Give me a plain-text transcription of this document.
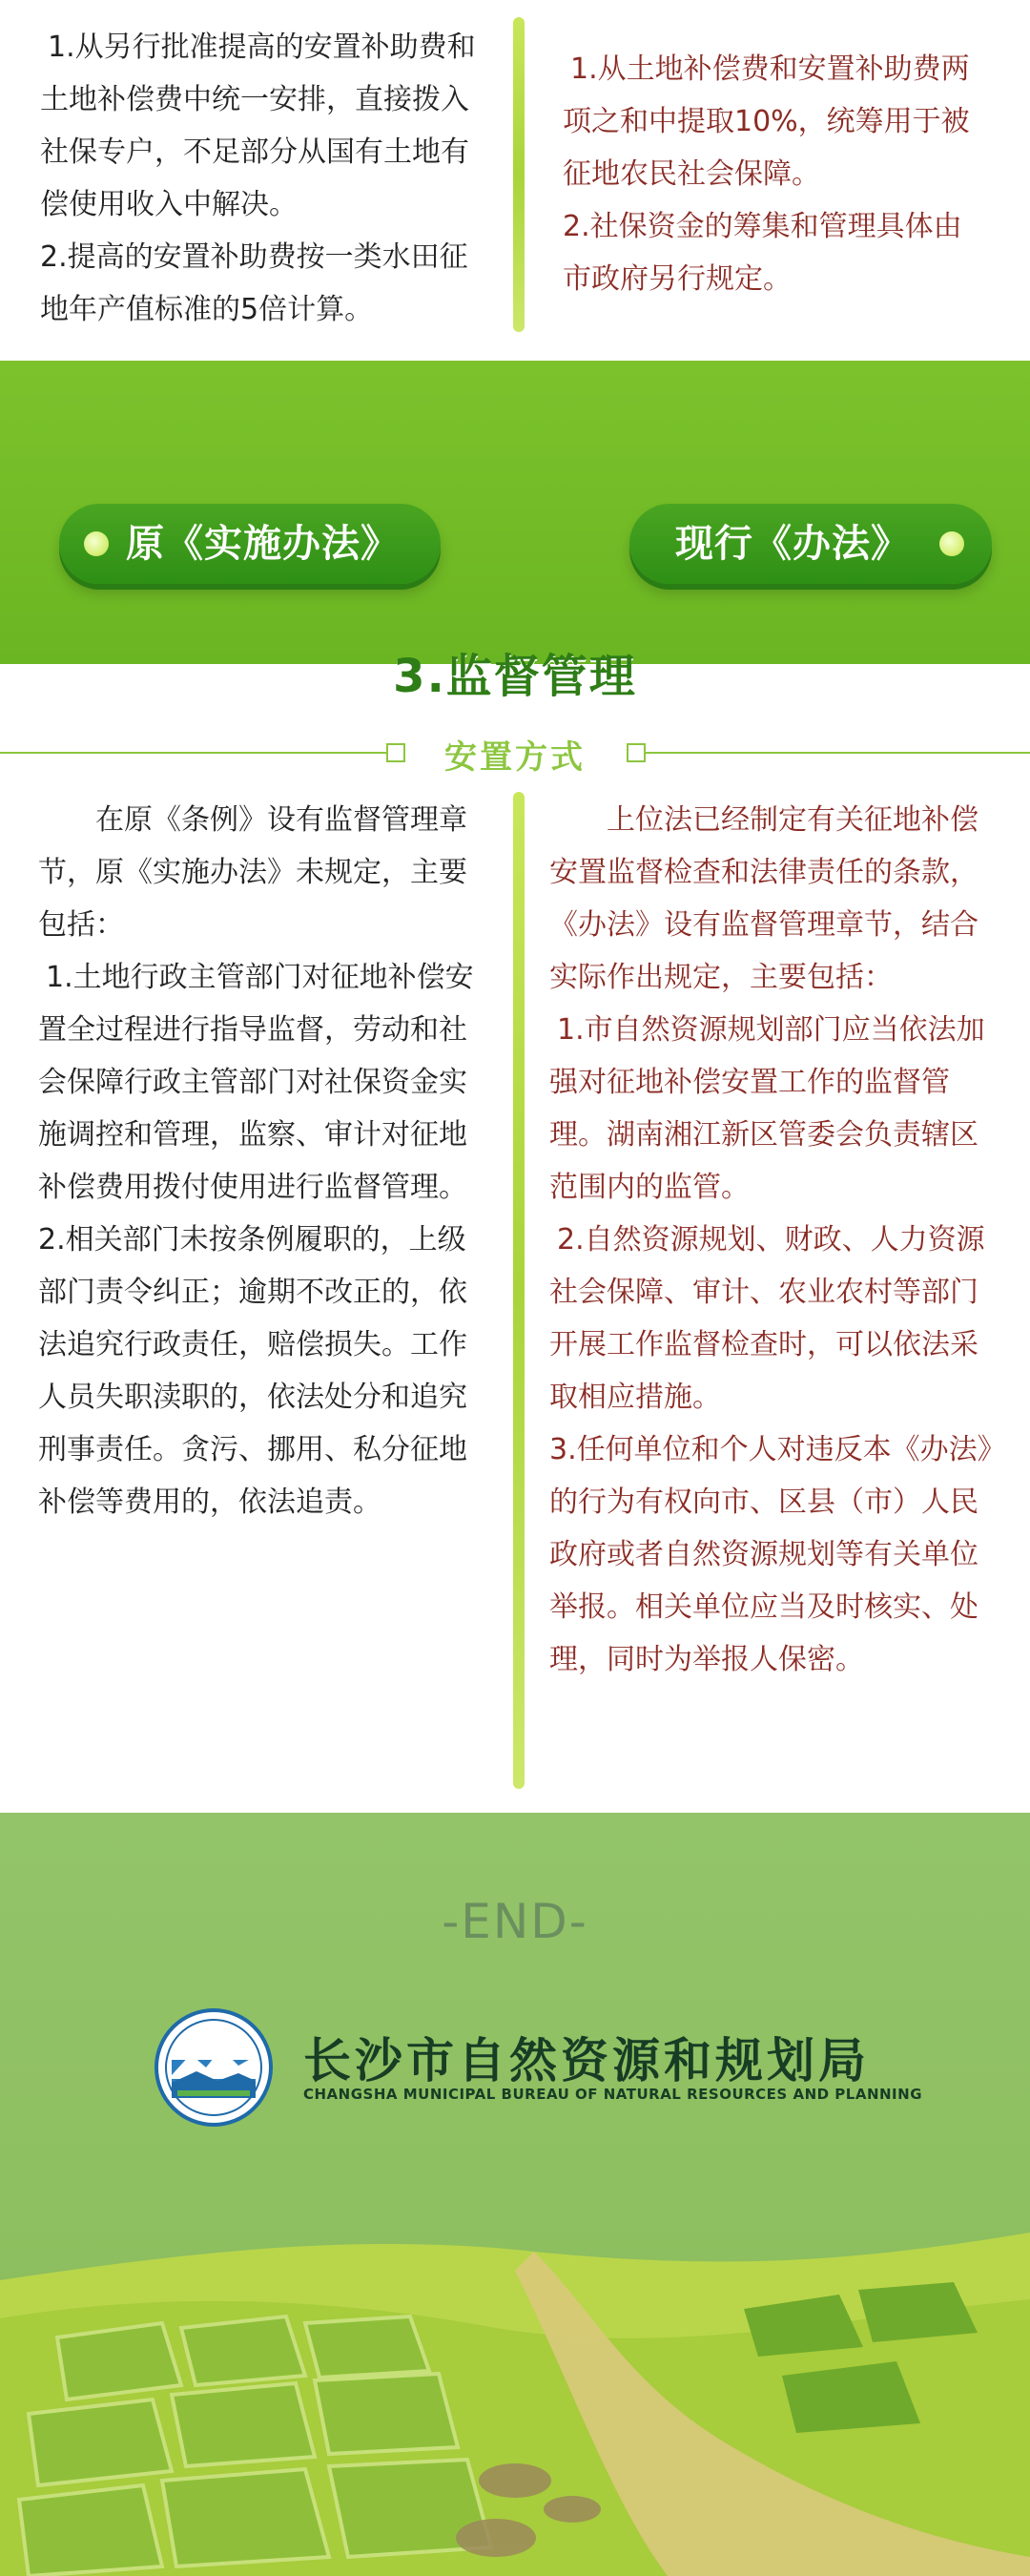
1.从另行批准提高的安置补助费和土地补偿费中统一安排，直接拨入社保专户，不足部分从国有土地有偿使用收入中解决。

2.提高的安置补助费按一类水田征地年产值标准的5倍计算。

1.从土地补偿费和安置补助费两项之和中提取10%，统筹用于被征地农民社会保障。

2.社保资金的筹集和管理具体由市政府另行规定。

原《实施办法》	现行《办法》
3.监督管理
安置方式

在原《条例》设有监督管理章节，原《实施办法》未规定，主要包括：

1.土地行政主管部门对征地补偿安置全过程进行指导监督，劳动和社会保障行政主管部门对社保资金实施调控和管理，监察、审计对征地补偿费用拨付使用进行监督管理。

2.相关部门未按条例履职的，上级部门责令纠正；逾期不改正的，依法追究行政责任，赔偿损失。工作人员失职渎职的，依法处分和追究刑事责任。贪污、挪用、私分征地补偿等费用的，依法追责。

上位法已经制定有关征地补偿安置监督检查和法律责任的条款，《办法》设有监督管理章节，结合实际作出规定，主要包括：

1.市自然资源规划部门应当依法加强对征地补偿安置工作的监督管理。湖南湘江新区管委会负责辖区范围内的监管。

2.自然资源规划、财政、人力资源社会保障、审计、农业农村等部门开展工作监督检查时，可以依法采取相应措施。

3.任何单位和个人对违反本《办法》的行为有权向市、区县（市）人民政府或者自然资源规划等有关单位举报。相关单位应当及时核实、处理，同时为举报人保密。

-END-
长沙市自然资源和规划局
CHANGSHA MUNICIPAL BUREAU OF NATURAL RESOURCES AND PLANNING
